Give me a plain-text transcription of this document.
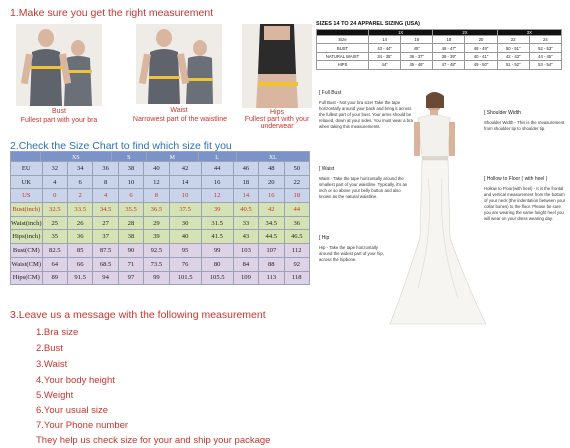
1.Make sure you get the right measurement
Bust
Fullest part with your bra
Waist
Narrowest part of the waistline
Hips
Fullest part with your underwear
SIZES 14 TO 24 APPAREL SIZING (USA)
	1X		2X		3X	
Size	14	16	18	20	22	24
BUST	43 - 44"	45"	46 - 47"	48 - 49"	50 - 51"	52 - 53"
NATURAL WAIST	34 - 35"	36 - 37"	38 - 39"	40 - 41"	42 - 43"	44 - 45"
HIPS	44"	45 - 46"	47 - 48"	49 - 50"	51 - 52"	53 - 54"
[ Full Bust
Full Bust - Not your bra size! Take the tape horizontally around your back and bring it across the fullest part of your bust. Your arms should be relaxed, down at your sides. You must wear a bra when taking this measurements.
[ Waist
Waist - Take the tape horizontally around the smallest part of your waistline. Typically, it's an inch or so above your belly button and also known as the natural waistline.
[ Hip
Hip - Take the tape horizontally around the widest part of your hip, across the hipbone.
[ Shoulder Width
Shoulder Width - This is the measurement from shoulder tip to shoulder tip.
[ Hollow to Floor ( with heel )
Hollow to Floor(with heel) - It is the frontal and vertical measurement from the bottom of your neck (the indentation between your collar bones) to the floor. Please be sure you are wearing the same height heel you will wear on your dress wearing day.
2.Check the Size Chart to find which size fit you
	XS	S	M	L	XL
EU	32	34	36	38	40	42	44	46	48	50
UK	4	6	8	10	12	14	16	18	20	22
US	0	2	4	6	8	10	12	14	16	18
Bust(inch)	32.5	33.5	34.5	35.5	36.5	37.5	39	40.5	42	44
Waist(inch)	25	26	27	28	29	30	31.5	33	34.5	36
Hips(inch)	35	36	37	38	39	40	41.5	43	44.5	46.5
Bust(CM)	82.5	85	87.5	90	92.5	95	99	103	107	112
Waist(CM)	64	66	68.5	71	73.5	76	80	84	88	92
Hips(CM)	89	91.5	94	97	99	101.5	105.5	109	113	118
3.Leave us a message with the following measurement
1.Bra size
2.Bust
3.Waist
4.Your body height
5.Weight
6.Your usual size
7.Your Phone number
They help us check size for your and ship your package
